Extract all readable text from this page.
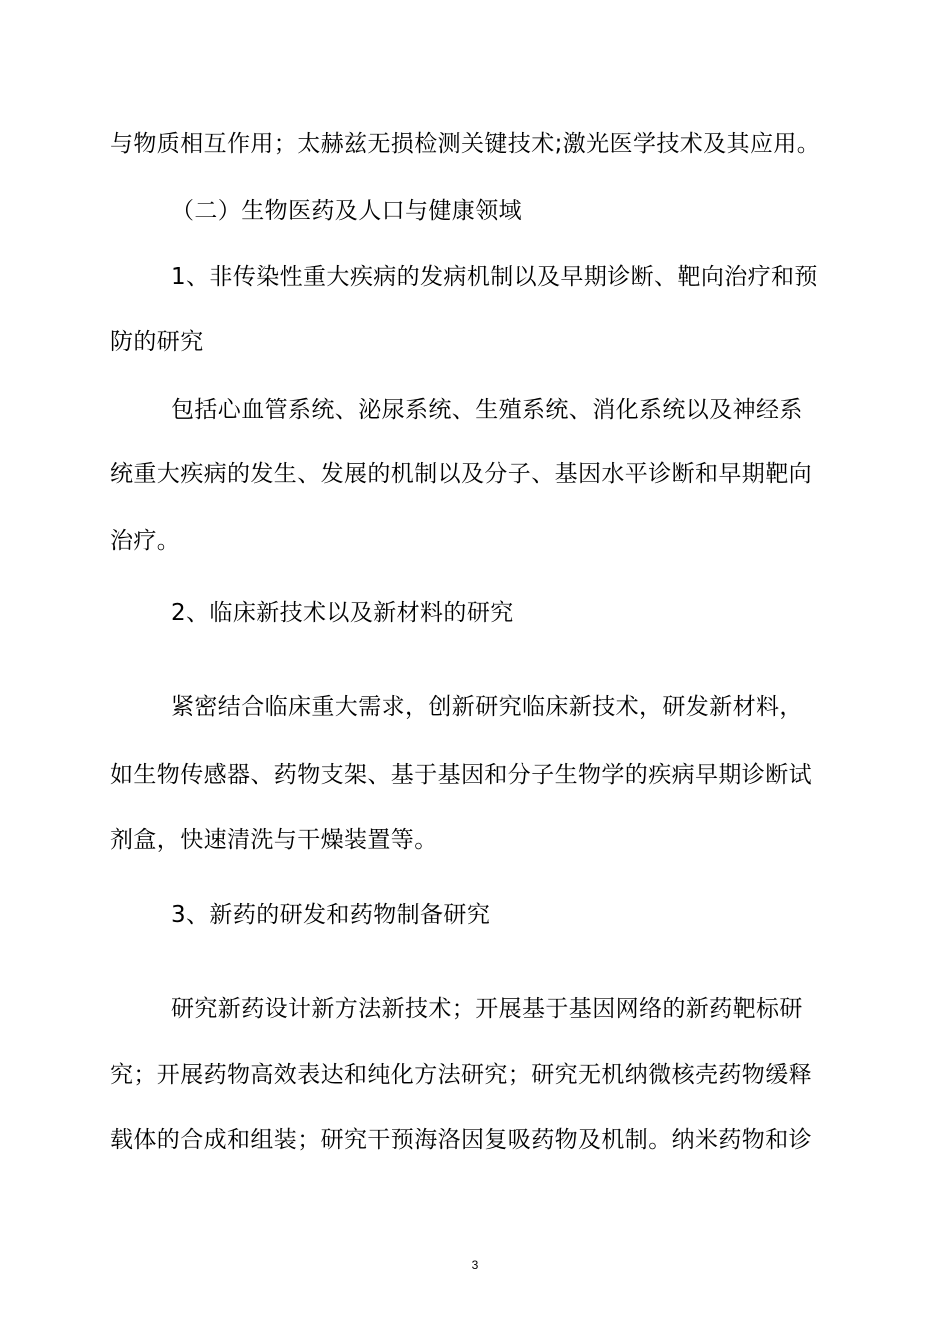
与物质相互作用；太赫兹无损检测关键技术;激光医学技术及其应用。
（二）生物医药及人口与健康领域
1、非传染性重大疾病的发病机制以及早期诊断、靶向治疗和预
防的研究
包括心血管系统、泌尿系统、生殖系统、消化系统以及神经系
统重大疾病的发生、发展的机制以及分子、基因水平诊断和早期靶向
治疗。
2、临床新技术以及新材料的研究
紧密结合临床重大需求，创新研究临床新技术，研发新材料，
如生物传感器、药物支架、基于基因和分子生物学的疾病早期诊断试
剂盒，快速清洗与干燥装置等。
3、新药的研发和药物制备研究
研究新药设计新方法新技术；开展基于基因网络的新药靶标研
究；开展药物高效表达和纯化方法研究；研究无机纳微核壳药物缓释
载体的合成和组装；研究干预海洛因复吸药物及机制。纳米药物和诊
3
